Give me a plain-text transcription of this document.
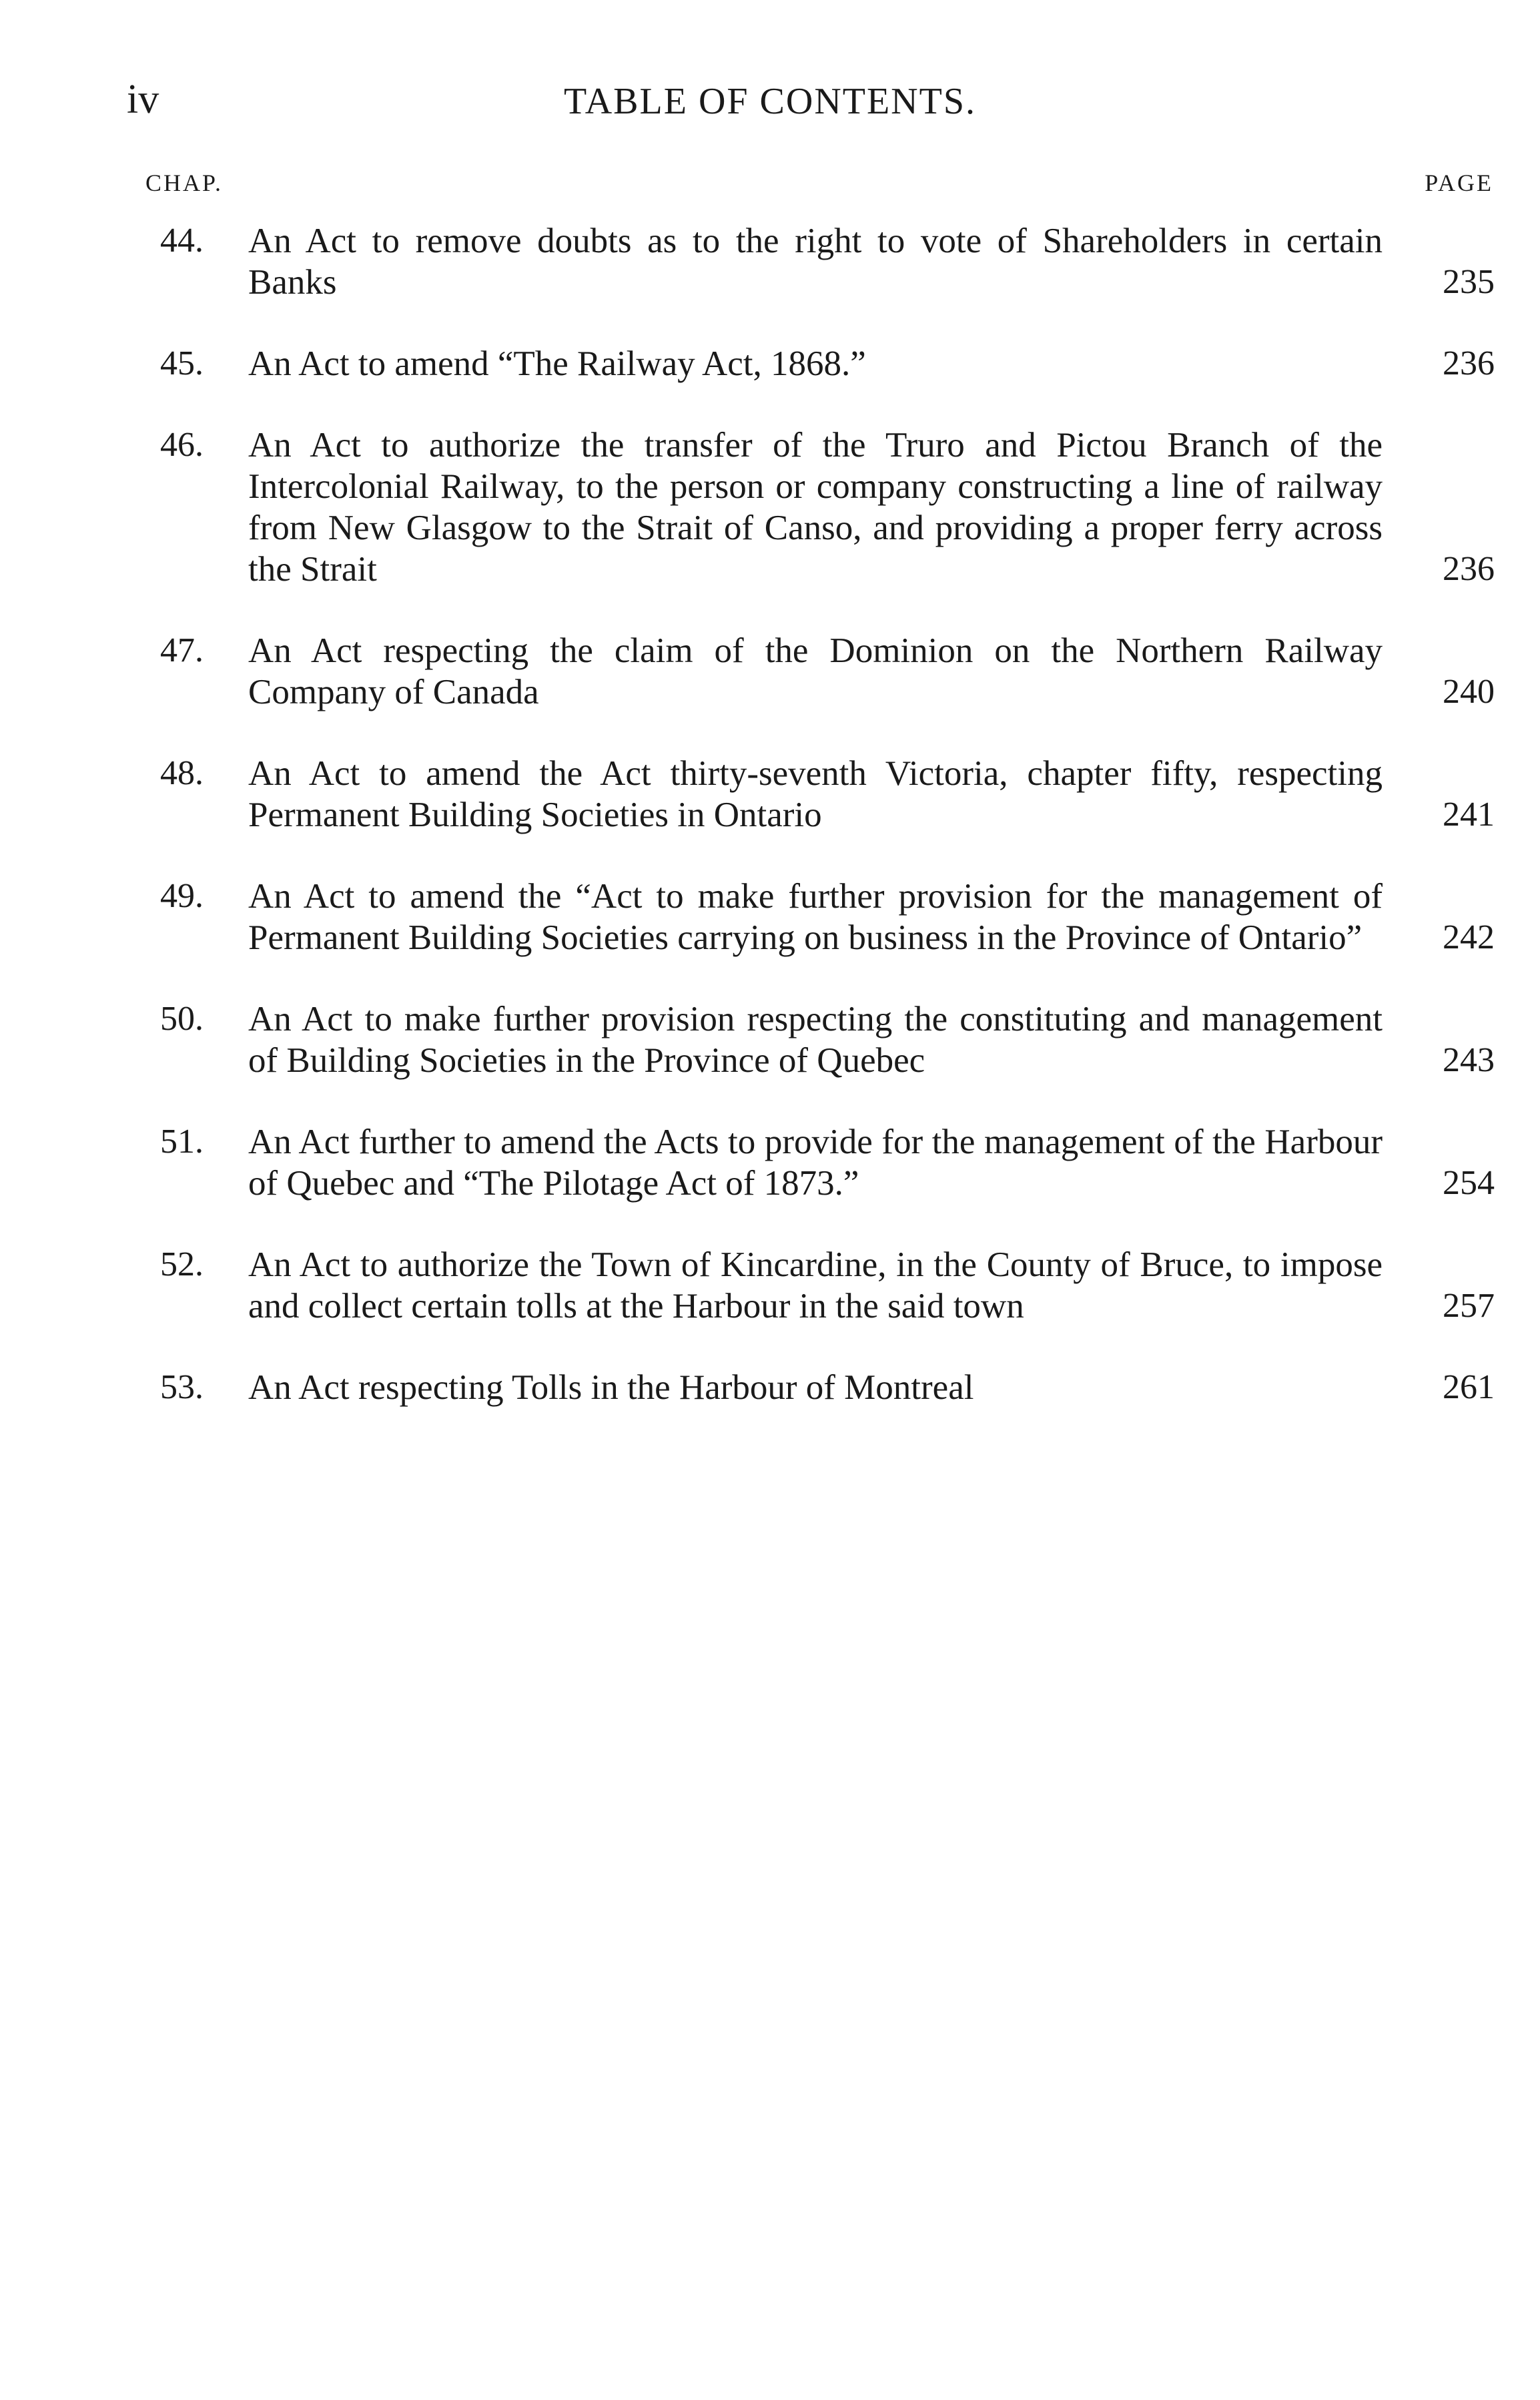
iv	TABLE OF CONTENTS.
CHAP.	PAGE
44.	An Act to remove doubts as to the right to vote of Shareholders in certain Banks . . .	235
45.	An Act to amend “The Railway Act, 1868.” . . .	236
46.	An Act to authorize the transfer of the Truro and Pictou Branch of the Intercolonial Railway, to the person or company constructing a line of railway from New Glasgow to the Strait of Canso, and providing a proper ferry across the Strait . . .	236
47.	An Act respecting the claim of the Dominion on the Northern Railway Company of Canada . . .	240
48.	An Act to amend the Act thirty-seventh Victoria, chapter fifty, respecting Permanent Building Societies in Ontario . . .	241
49.	An Act to amend the “Act to make further provision for the management of Permanent Building Societies carrying on business in the Province of Ontario” . . .	242
50.	An Act to make further provision respecting the constituting and management of Building Societies in the Province of Quebec . . .	243
51.	An Act further to amend the Acts to provide for the management of the Harbour of Quebec and “The Pilotage Act of 1873.” . . .	254
52.	An Act to authorize the Town of Kincardine, in the County of Bruce, to impose and collect certain tolls at the Harbour in the said town . . .	257
53.	An Act respecting Tolls in the Harbour of Montreal . . .	261
